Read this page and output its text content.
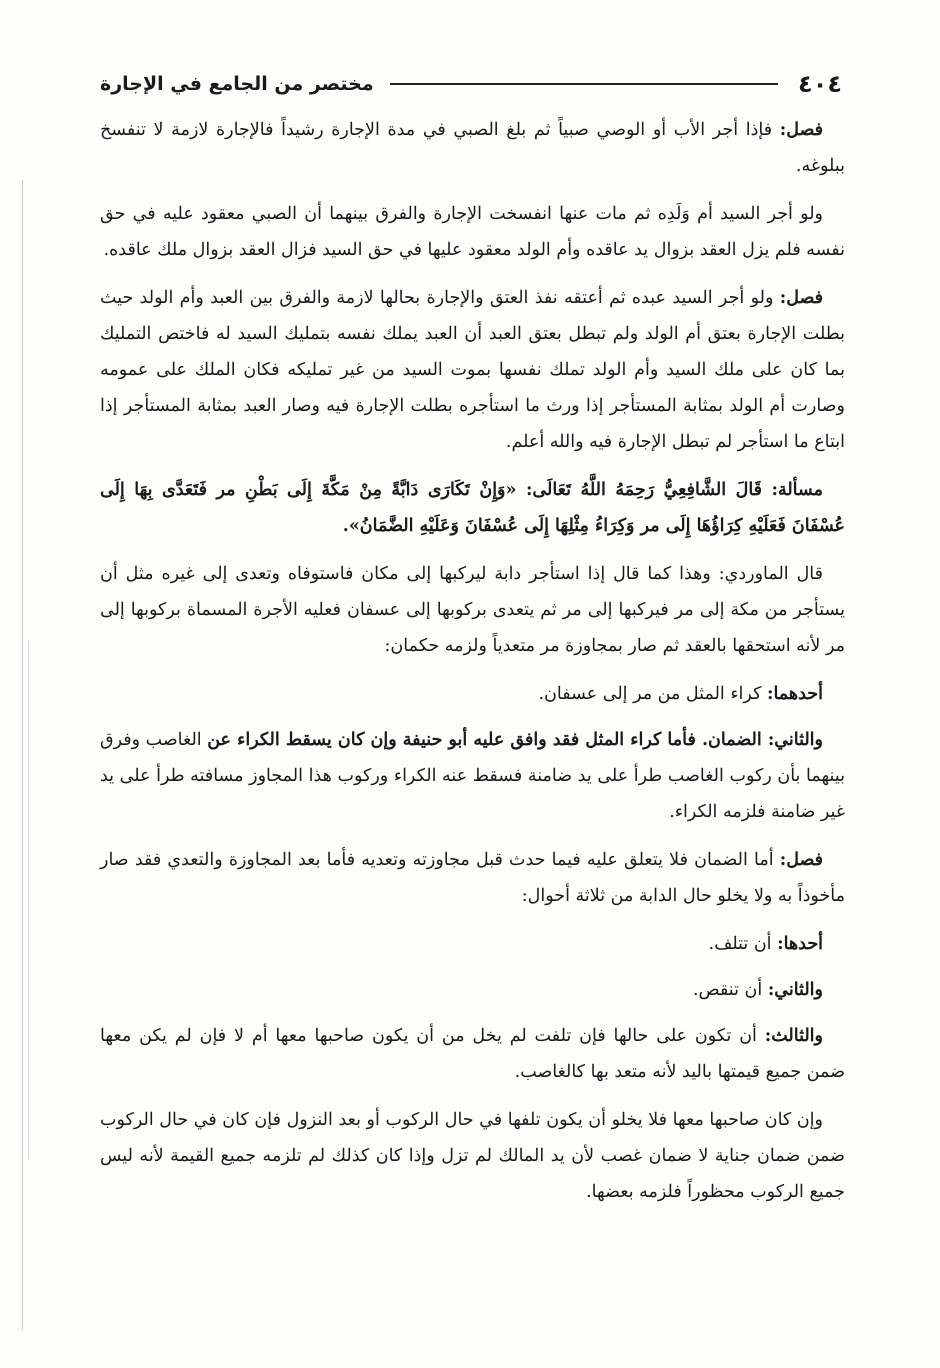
٤٠٤
مختصر من الجامع في الإجارة

فصل: فإذا أجر الأب أو الوصي صبياً ثم بلغ الصبي في مدة الإجارة رشيداً فالإجارة لازمة لا تنفسخ ببلوغه.

ولو أجر السيد أم وَلَدِه ثم مات عنها انفسخت الإجارة والفرق بينهما أن الصبي معقود عليه في حق نفسه فلم يزل العقد بزوال يد عاقده وأم الولد معقود عليها في حق السيد فزال العقد بزوال ملك عاقده.

فصل: ولو أجر السيد عبده ثم أعتقه نفذ العتق والإجارة بحالها لازمة والفرق بين العبد وأم الولد حيث بطلت الإجارة بعتق أم الولد ولم تبطل بعتق العبد أن العبد يملك نفسه بتمليك السيد له فاختص التمليك بما كان على ملك السيد وأم الولد تملك نفسها بموت السيد من غير تمليكه فكان الملك على عمومه وصارت أم الولد بمثابة المستأجر إذا ورث ما استأجره بطلت الإجارة فيه وصار العبد بمثابة المستأجر إذا ابتاع ما استأجر لم تبطل الإجارة فيه والله أعلم.

مسألة: قَالَ الشَّافِعِيُّ رَحِمَهُ اللَّهُ تَعَالَى: «وَإِنْ تَكَارَى دَابَّةً مِنْ مَكَّةَ إِلَى بَطْنِ مر فَتَعَدَّى بِهَا إِلَى عُسْفَانَ فَعَلَيْهِ كِرَاؤُهَا إِلَى مر وَكِرَاءُ مِثْلِهَا إِلَى عُسْفَانَ وَعَلَيْهِ الضَّمَانُ».

قال الماوردي: وهذا كما قال إذا استأجر دابة ليركبها إلى مكان فاستوفاه وتعدى إلى غيره مثل أن يستأجر من مكة إلى مر فيركبها إلى مر ثم يتعدى بركوبها إلى عسفان فعليه الأجرة المسماة بركوبها إلى مر لأنه استحقها بالعقد ثم صار بمجاوزة مر متعدياً ولزمه حكمان:

أحدهما: كراء المثل من مر إلى عسفان.

والثاني: الضمان. فأما كراء المثل فقد وافق عليه أبو حنيفة وإن كان يسقط الكراء عن الغاصب وفرق بينهما بأن ركوب الغاصب طرأ على يد ضامنة فسقط عنه الكراء وركوب هذا المجاوز مسافته طرأ على يد غير ضامنة فلزمه الكراء.

فصل: أما الضمان فلا يتعلق عليه فيما حدث قبل مجاوزته وتعديه فأما بعد المجاوزة والتعدي فقد صار مأخوذاً به ولا يخلو حال الدابة من ثلاثة أحوال:

أحدها: أن تتلف.

والثاني: أن تنقص.

والثالث: أن تكون على حالها فإن تلفت لم يخل من أن يكون صاحبها معها أم لا فإن لم يكن معها ضمن جميع قيمتها باليد لأنه متعد بها كالغاصب.

وإن كان صاحبها معها فلا يخلو أن يكون تلفها في حال الركوب أو بعد النزول فإن كان في حال الركوب ضمن ضمان جناية لا ضمان غصب لأن يد المالك لم تزل وإذا كان كذلك لم تلزمه جميع القيمة لأنه ليس جميع الركوب محظوراً فلزمه بعضها.
